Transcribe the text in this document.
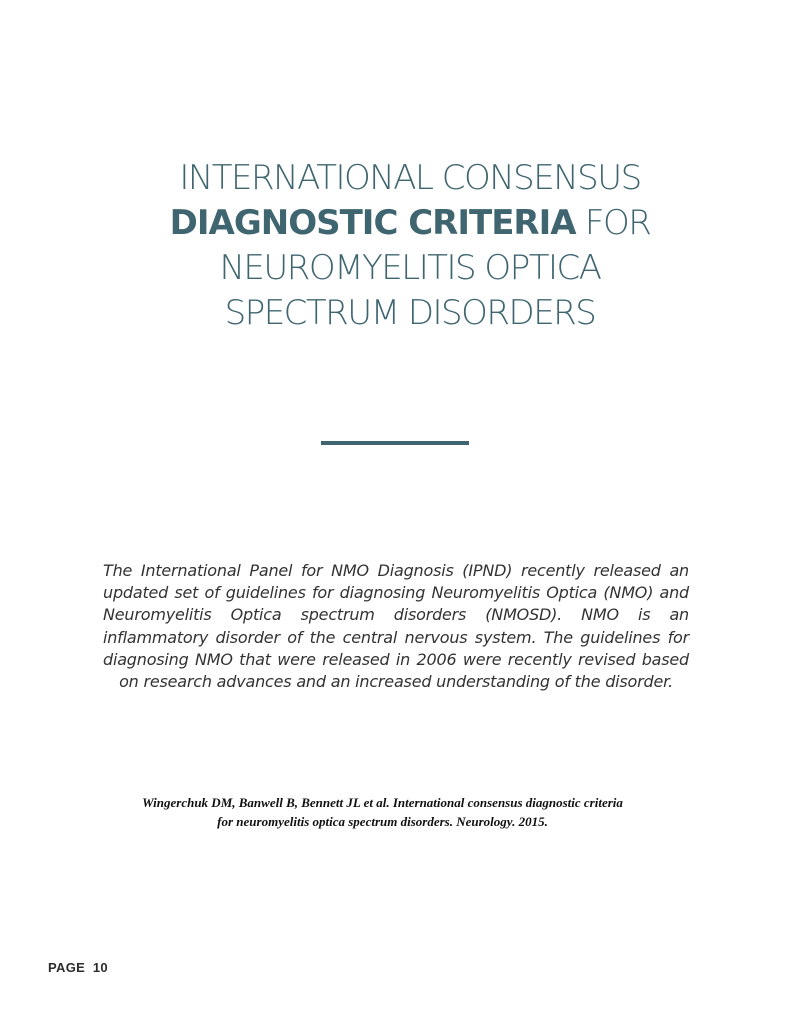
INTERNATIONAL CONSENSUS
DIAGNOSTIC CRITERIA FOR
NEUROMYELITIS OPTICA
SPECTRUM DISORDERS

The International Panel for NMO Diagnosis (IPND) recently released an updated set of guidelines for diagnosing Neuromyelitis Optica (NMO) and Neuromyelitis Optica spectrum disorders (NMOSD). NMO is an inflammatory disorder of the central nervous system. The guidelines for diagnosing NMO that were released in 2006 were recently revised based on research advances and an increased understanding of the disorder.

Wingerchuk DM, Banwell B, Bennett JL et al. International consensus diagnostic criteria
for neuromyelitis optica spectrum disorders. Neurology. 2015.
PAGE  10
